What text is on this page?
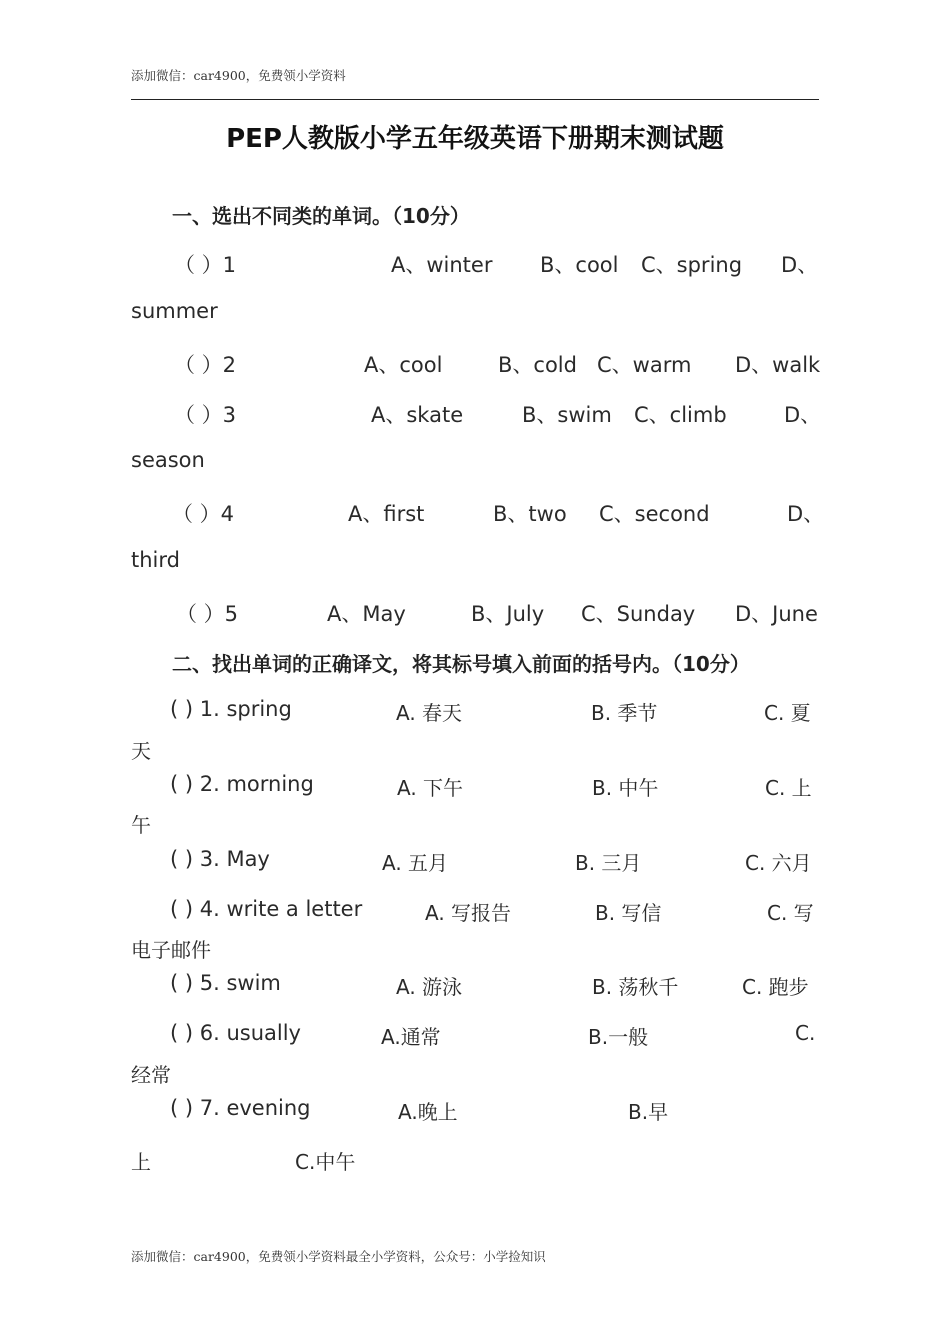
添加微信：car4900，免费领小学资料
PEP人教版小学五年级英语下册期末测试题
一、选出不同类的单词。（10分）
（ ）1	A、winter B、cool C、spring D、
summer
（ ）2	A、cool	B、cold C、warm D、walk
（ ）3	A、skate	B、swim C、climb	D、
season
（ ）4	A、first	B、two C、second	D、
third
（ ）5	A、May	B、July C、Sunday D、June
二、找出单词的正确译文，将其标号填入前面的括号内。（10分）
( ) 1. spring	A. 春天	B. 季节	C. 夏
天
( ) 2. morning	A. 下午	B. 中午	C. 上
午
( ) 3. May	A. 五月	B. 三月	C. 六月
( ) 4. write a letter	A. 写报告	B. 写信	C. 写
电子邮件
( ) 5. swim	A. 游泳	B. 荡秋千	C. 跑步
( ) 6. usually	A.通常	B.一般	C.
经常
( ) 7. evening	A.晚上	B.早
上	C.中午
添加微信：car4900，免费领小学资料最全小学资料，公众号：小学捡知识
